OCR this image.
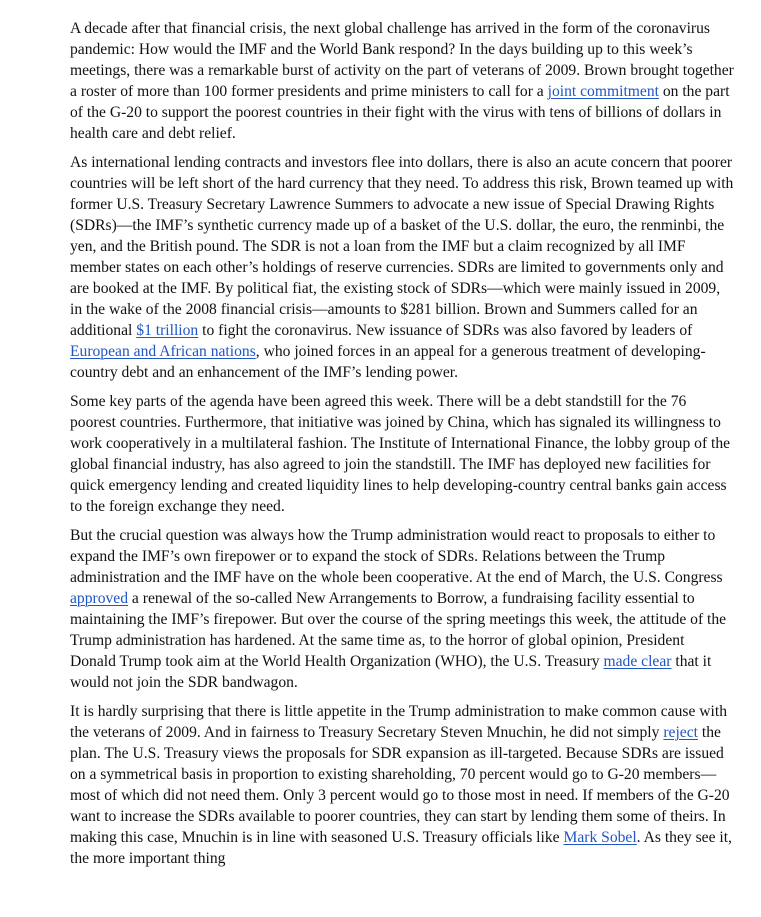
A decade after that financial crisis, the next global challenge has arrived in the form of the coronavirus pandemic: How would the IMF and the World Bank respond? In the days building up to this week’s meetings, there was a remarkable burst of activity on the part of veterans of 2009. Brown brought together a roster of more than 100 former presidents and prime ministers to call for a joint commitment on the part of the G-20 to support the poorest countries in their fight with the virus with tens of billions of dollars in health care and debt relief.

As international lending contracts and investors flee into dollars, there is also an acute concern that poorer countries will be left short of the hard currency that they need. To address this risk, Brown teamed up with former U.S. Treasury Secretary Lawrence Summers to advocate a new issue of Special Drawing Rights (SDRs)—the IMF’s synthetic currency made up of a basket of the U.S. dollar, the euro, the renminbi, the yen, and the British pound. The SDR is not a loan from the IMF but a claim recognized by all IMF member states on each other’s holdings of reserve currencies. SDRs are limited to governments only and are booked at the IMF. By political fiat, the existing stock of SDRs—which were mainly issued in 2009, in the wake of the 2008 financial crisis—amounts to $281 billion. Brown and Summers called for an additional $1 trillion to fight the coronavirus. New issuance of SDRs was also favored by leaders of European and African nations, who joined forces in an appeal for a generous treatment of developing-country debt and an enhancement of the IMF’s lending power.

Some key parts of the agenda have been agreed this week. There will be a debt standstill for the 76 poorest countries. Furthermore, that initiative was joined by China, which has signaled its willingness to work cooperatively in a multilateral fashion. The Institute of International Finance, the lobby group of the global financial industry, has also agreed to join the standstill. The IMF has deployed new facilities for quick emergency lending and created liquidity lines to help developing-country central banks gain access to the foreign exchange they need.

But the crucial question was always how the Trump administration would react to proposals to either to expand the IMF’s own firepower or to expand the stock of SDRs. Relations between the Trump administration and the IMF have on the whole been cooperative. At the end of March, the U.S. Congress approved a renewal of the so-called New Arrangements to Borrow, a fundraising facility essential to maintaining the IMF’s firepower. But over the course of the spring meetings this week, the attitude of the Trump administration has hardened. At the same time as, to the horror of global opinion, President Donald Trump took aim at the World Health Organization (WHO), the U.S. Treasury made clear that it would not join the SDR bandwagon.

It is hardly surprising that there is little appetite in the Trump administration to make common cause with the veterans of 2009. And in fairness to Treasury Secretary Steven Mnuchin, he did not simply reject the plan. The U.S. Treasury views the proposals for SDR expansion as ill-targeted. Because SDRs are issued on a symmetrical basis in proportion to existing shareholding, 70 percent would go to G-20 members—most of which did not need them. Only 3 percent would go to those most in need. If members of the G-20 want to increase the SDRs available to poorer countries, they can start by lending them some of theirs. In making this case, Mnuchin is in line with seasoned U.S. Treasury officials like Mark Sobel. As they see it, the more important thing
